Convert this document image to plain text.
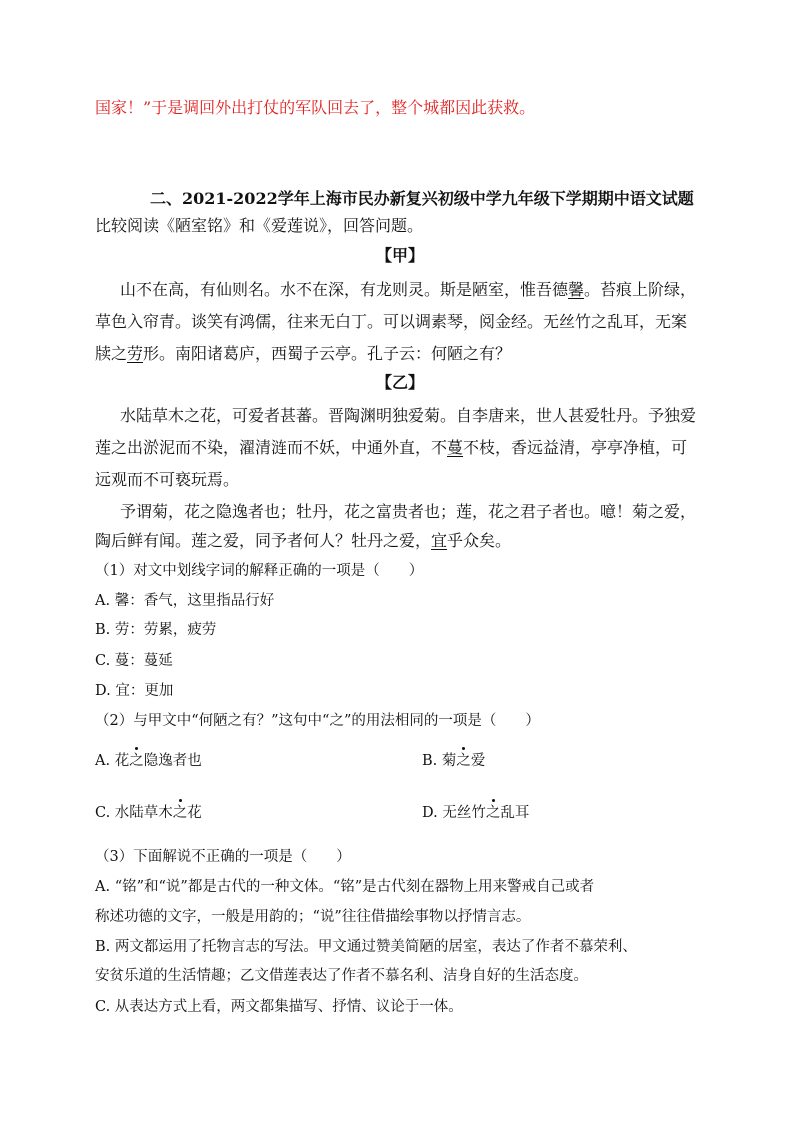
国家！”于是调回外出打仗的军队回去了，整个城都因此获救。
二、2021-2022学年上海市民办新复兴初级中学九年级下学期期中语文试题
比较阅读《陋室铭》和《爱莲说》，回答问题。
【甲】
山不在高，有仙则名。水不在深，有龙则灵。斯是陋室，惟吾德馨。苔痕上阶绿，
草色入帘青。谈笑有鸿儒，往来无白丁。可以调素琴，阅金经。无丝竹之乱耳，无案
牍之劳形。南阳诸葛庐，西蜀子云亭。孔子云：何陋之有？
【乙】
水陆草木之花，可爱者甚蕃。晋陶渊明独爱菊。自李唐来，世人甚爱牡丹。予独爱
莲之出淤泥而不染，濯清涟而不妖，中通外直，不蔓不枝，香远益清，亭亭净植，可
远观而不可亵玩焉。
予谓菊，花之隐逸者也；牡丹，花之富贵者也；莲，花之君子者也。噫！菊之爱，
陶后鲜有闻。莲之爱，同予者何人？牡丹之爱，宜乎众矣。
（1）对文中划线字词的解释正确的一项是（　　）
A. 馨：香气，这里指品行好
B. 劳：劳累，疲劳
C. 蔓：蔓延
D. 宜：更加
（2）与甲文中“何陋之有？”这句中“之”的用法相同的一项是（　　）
A. 花之隐逸者也	B. 菊之爱
C. 水陆草木之花	D. 无丝竹之乱耳
（3）下面解说不正确的一项是（　　）
A. “铭”和“说”都是古代的一种文体。“铭”是古代刻在器物上用来警戒自己或者
称述功德的文字，一般是用韵的；“说”往往借描绘事物以抒情言志。
B. 两文都运用了托物言志的写法。甲文通过赞美简陋的居室，表达了作者不慕荣利、
安贫乐道的生活情趣；乙文借莲表达了作者不慕名利、洁身自好的生活态度。
C. 从表达方式上看，两文都集描写、抒情、议论于一体。
